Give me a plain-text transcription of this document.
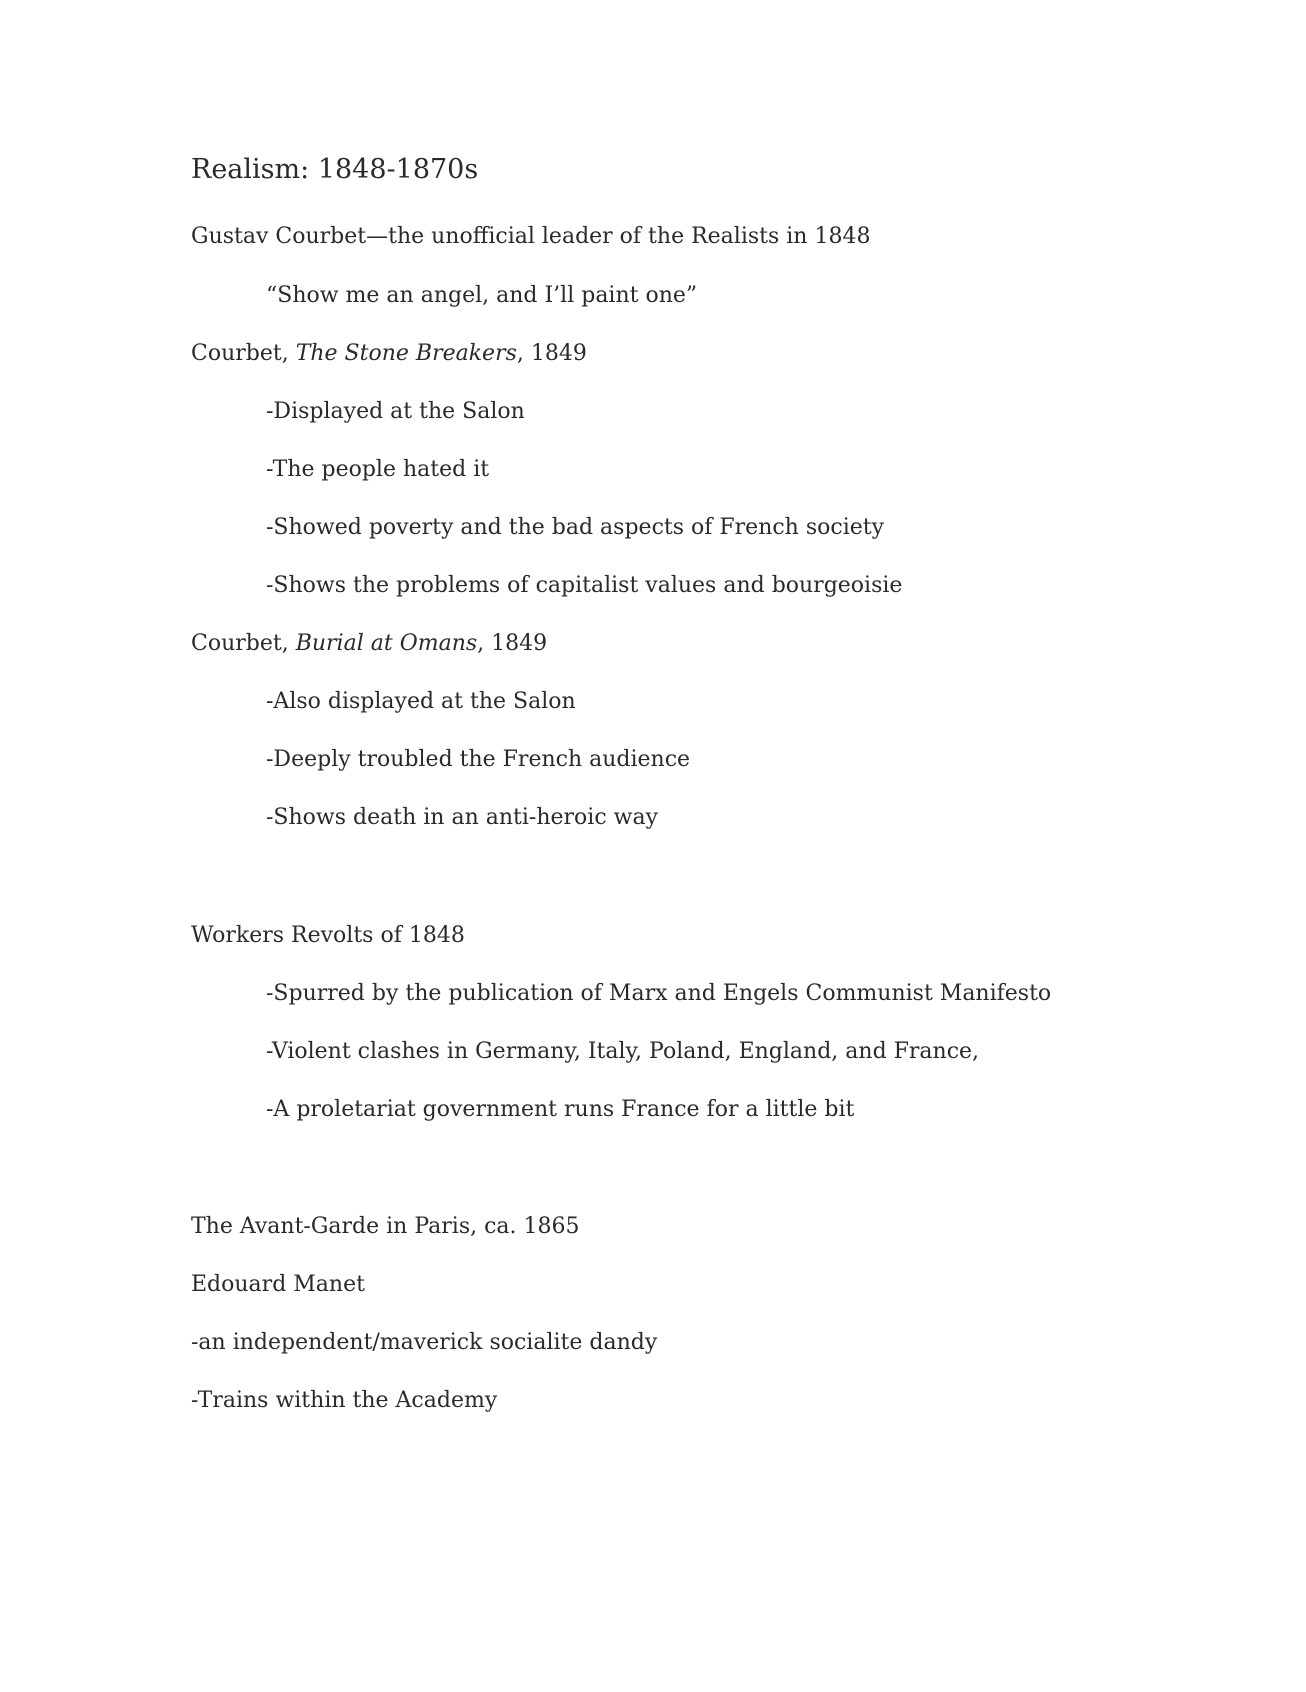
Realism: 1848-1870s
Gustav Courbet—the unofficial leader of the Realists in 1848
“Show me an angel, and I’ll paint one”
Courbet, The Stone Breakers, 1849
-Displayed at the Salon
-The people hated it
-Showed poverty and the bad aspects of French society
-Shows the problems of capitalist values and bourgeoisie
Courbet, Burial at Omans, 1849
-Also displayed at the Salon
-Deeply troubled the French audience
-Shows death in an anti-heroic way
Workers Revolts of 1848
-Spurred by the publication of Marx and Engels Communist Manifesto
-Violent clashes in Germany, Italy, Poland, England, and France,
-A proletariat government runs France for a little bit
The Avant-Garde in Paris, ca. 1865
Edouard Manet
-an independent/maverick socialite dandy
-Trains within the Academy
